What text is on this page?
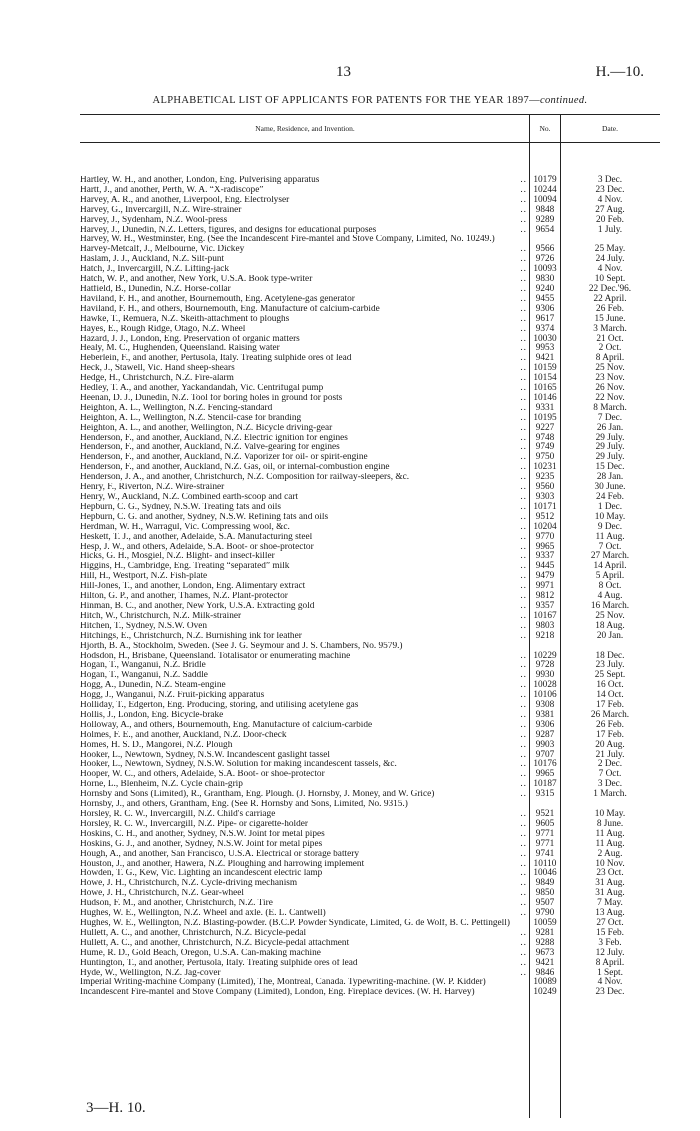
13	H.—10.
ALPHABETICAL LIST OF APPLICANTS FOR PATENTS FOR THE YEAR 1897—continued.
Name, Residence, and Invention.	No.	Date.
Hartley, W. H., and another, London, Eng. Pulverising apparatus	.. 10179	3 Dec.
Hartt, J., and another, Perth, W. A. “X-radiscope”	.. 10244	23 Dec.
Harvey, A. R., and another, Liverpool, Eng. Electrolyser	.. 10094	4 Nov.
Harvey, G., Invercargill, N.Z. Wire-strainer	.. 9848	27 Aug.
Harvey, J., Sydenham, N.Z. Wool-press	.. 9289	20 Feb.
Harvey, J., Dunedin, N.Z. Letters, figures, and designs for educational purposes	.. 9654	1 July.
Harvey, W. H., Westminster, Eng. (See the Incandescent Fire-mantel and Stove Company, Limited, No. 10249.)
Harvey-Metcalf, J., Melbourne, Vic. Dickey	.. 9566	25 May.
Haslam, J. J., Auckland, N.Z. Silt-punt	.. 9726	24 July.
Hatch, J., Invercargill, N.Z. Lifting-jack	.. 10093	4 Nov.
Hatch, W. P., and another, New York, U.S.A. Book type-writer	.. 9830	10 Sept.
Hatfield, B., Dunedin, N.Z. Horse-collar	.. 9240	22 Dec.'96.
Haviland, F. H., and another, Bournemouth, Eng. Acetylene-gas generator	.. 9455	22 April.
Haviland, F. H., and others, Bournemouth, Eng. Manufacture of calcium-carbide	.. 9306	26 Feb.
Hawke, T., Remuera, N.Z. Skeith-attachment to ploughs	.. 9617	15 June.
Hayes, E., Rough Ridge, Otago, N.Z. Wheel	.. 9374	3 March.
Hazard, J. J., London, Eng. Preservation of organic matters	.. 10030	21 Oct.
Healy, M. C., Hughenden, Queensland. Raising water	.. 9953	2 Oct.
Heberlein, F., and another, Pertusola, Italy. Treating sulphide ores of lead	.. 9421	8 April.
Heck, J., Stawell, Vic. Hand sheep-shears	.. 10159	25 Nov.
Hedge, H., Christchurch, N.Z. Fire-alarm	.. 10154	23 Nov.
Hedley, T. A., and another, Yackandandah, Vic. Centrifugal pump	.. 10165	26 Nov.
Heenan, D. J., Dunedin, N.Z. Tool for boring holes in ground for posts	.. 10146	22 Nov.
Heighton, A. L., Wellington, N.Z. Fencing-standard	.. 9331	8 March.
Heighton, A. L., Wellington, N.Z. Stencil-case for branding	.. 10195	7 Dec.
Heighton, A. L., and another, Wellington, N.Z. Bicycle driving-gear	.. 9227	26 Jan.
Henderson, F., and another, Auckland, N.Z. Electric ignition for engines	.. 9748	29 July.
Henderson, F., and another, Auckland, N.Z. Valve-gearing for engines	.. 9749	29 July.
Henderson, F., and another, Auckland, N.Z. Vaporizer for oil- or spirit-engine	.. 9750	29 July.
Henderson, F., and another, Auckland, N.Z. Gas, oil, or internal-combustion engine	.. 10231	15 Dec.
Henderson, J. A., and another, Christchurch, N.Z. Composition for railway-sleepers, &c.	.. 9235	28 Jan.
Henry, F., Riverton, N.Z. Wire-strainer	.. 9560	30 June.
Henry, W., Auckland, N.Z. Combined earth-scoop and cart	.. 9303	24 Feb.
Hepburn, C. G., Sydney, N.S.W. Treating fats and oils	.. 10171	1 Dec.
Hepburn, C. G. and another, Sydney, N.S.W. Refining fats and oils	.. 9512	10 May.
Herdman, W. H., Warragul, Vic. Compressing wool, &c.	.. 10204	9 Dec.
Heskett, T. J., and another, Adelaide, S.A. Manufacturing steel	.. 9770	11 Aug.
Hesp, J. W., and others, Adelaide, S.A. Boot- or shoe-protector	.. 9965	7 Oct.
Hicks, G. H., Mosgiel, N.Z. Blight- and insect-killer	.. 9337	27 March.
Higgins, H., Cambridge, Eng. Treating “separated” milk	.. 9445	14 April.
Hill, H., Westport, N.Z. Fish-plate	.. 9479	5 April.
Hill-Jones, T., and another, London, Eng. Alimentary extract	.. 9971	8 Oct.
Hilton, G. P., and another, Thames, N.Z. Plant-protector	.. 9812	4 Aug.
Hinman, B. C., and another, New York, U.S.A. Extracting gold	.. 9357	16 March.
Hitch, W., Christchurch, N.Z. Milk-strainer	.. 10167	25 Nov.
Hitchen, T., Sydney, N.S.W. Oven	.. 9803	18 Aug.
Hitchings, E., Christchurch, N.Z. Burnishing ink for leather	.. 9218	20 Jan.
Hjorth, B. A., Stockholm, Sweden. (See J. G. Seymour and J. S. Chambers, No. 9579.)
Hodsdon, H., Brisbane, Queensland. Totalisator or enumerating machine	.. 10229	18 Dec.
Hogan, T., Wanganui, N.Z. Bridle	.. 9728	23 July.
Hogan, T., Wanganui, N.Z. Saddle	.. 9930	25 Sept.
Hogg, A., Dunedin, N.Z. Steam-engine	.. 10028	16 Oct.
Hogg, J., Wanganui, N.Z. Fruit-picking apparatus	.. 10106	14 Oct.
Holliday, T., Edgerton, Eng. Producing, storing, and utilising acetylene gas	.. 9308	17 Feb.
Hollis, J., London, Eng. Bicycle-brake	.. 9381	26 March.
Holloway, A., and others, Bournemouth, Eng. Manufacture of calcium-carbide	.. 9306	26 Feb.
Holmes, F. E., and another, Auckland, N.Z. Door-check	.. 9287	17 Feb.
Homes, H. S. D., Mangorei, N.Z. Plough	.. 9903	20 Aug.
Hooker, L., Newtown, Sydney, N.S.W. Incandescent gaslight tassel	.. 9707	21 July.
Hooker, L., Newtown, Sydney, N.S.W. Solution for making incandescent tassels, &c.	.. 10176	2 Dec.
Hooper, W. C., and others, Adelaide, S.A. Boot- or shoe-protector	.. 9965	7 Oct.
Horne, L., Blenheim, N.Z. Cycle chain-grip	.. 10187	3 Dec.
Hornsby and Sons (Limited), R., Grantham, Eng. Plough. (J. Hornsby, J. Money, and W. Grice)	.. 9315	1 March.
Hornsby, J., and others, Grantham, Eng. (See R. Hornsby and Sons, Limited, No. 9315.)
Horsley, R. C. W., Invercargill, N.Z. Child's carriage	.. 9521	10 May.
Horsley, R. C. W., Invercargill, N.Z. Pipe- or cigarette-holder	.. 9605	8 June.
Hoskins, C. H., and another, Sydney, N.S.W. Joint for metal pipes	.. 9771	11 Aug.
Hoskins, G. J., and another, Sydney, N.S.W. Joint for metal pipes	.. 9771	11 Aug.
Hough, A., and another, San Francisco, U.S.A. Electrical or storage battery	.. 9741	2 Aug.
Houston, J., and another, Hawera, N.Z. Ploughing and harrowing implement	.. 10110	10 Nov.
Howden, T. G., Kew, Vic. Lighting an incandescent electric lamp	.. 10046	23 Oct.
Howe, J. H., Christchurch, N.Z. Cycle-driving mechanism	.. 9849	31 Aug.
Howe, J. H., Christchurch, N.Z. Gear-wheel	.. 9850	31 Aug.
Hudson, F. M., and another, Christchurch, N.Z. Tire	.. 9507	7 May.
Hughes, W. E., Wellington, N.Z. Wheel and axle. (E. L. Cantwell)	.. 9790	13 Aug.
Hughes, W. E., Wellington, N.Z. Blasting-powder. (B.C.P. Powder Syndicate, Limited, G. de Wolf, B. C. Pettingell)	10059	27 Oct.
Hullett, A. C., and another, Christchurch, N.Z. Bicycle-pedal	.. 9281	15 Feb.
Hullett, A. C., and another, Christchurch, N.Z. Bicycle-pedal attachment	.. 9288	3 Feb.
Hume, R. D., Gold Beach, Oregon, U.S.A. Can-making machine	.. 9673	12 July.
Huntington, T., and another, Pertusola, Italy. Treating sulphide ores of lead	.. 9421	8 April.
Hyde, W., Wellington, N.Z. Jag-cover	.. 9846	1 Sept.
Imperial Writing-machine Company (Limited), The, Montreal, Canada. Typewriting-machine. (W. P. Kidder)	10089	4 Nov.
Incandescent Fire-mantel and Stove Company (Limited), London, Eng. Fireplace devices. (W. H. Harvey)	10249	23 Dec.
3—H. 10.
